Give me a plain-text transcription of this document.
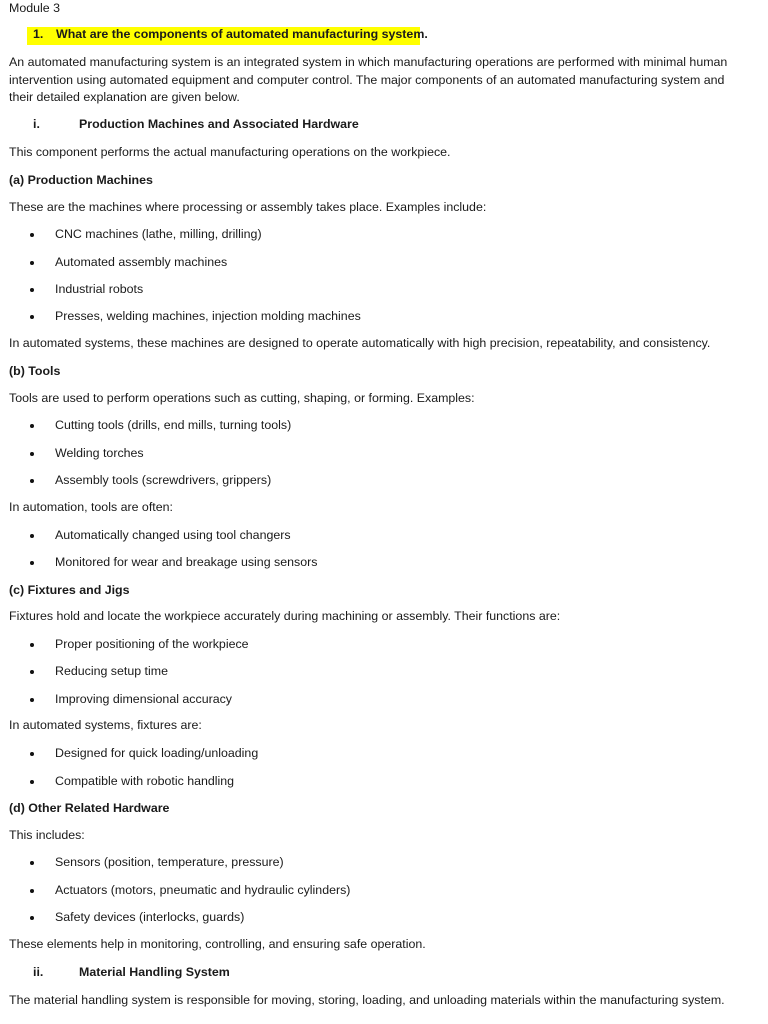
Module 3
1. What are the components of automated manufacturing system.
An automated manufacturing system is an integrated system in which manufacturing operations are performed with minimal human intervention using automated equipment and computer control. The major components of an automated manufacturing system and their detailed explanation are given below.
i.	Production Machines and Associated Hardware
This component performs the actual manufacturing operations on the workpiece.
(a) Production Machines
These are the machines where processing or assembly takes place. Examples include:
CNC machines (lathe, milling, drilling)
Automated assembly machines
Industrial robots
Presses, welding machines, injection molding machines
In automated systems, these machines are designed to operate automatically with high precision, repeatability, and consistency.
(b) Tools
Tools are used to perform operations such as cutting, shaping, or forming. Examples:
Cutting tools (drills, end mills, turning tools)
Welding torches
Assembly tools (screwdrivers, grippers)
In automation, tools are often:
Automatically changed using tool changers
Monitored for wear and breakage using sensors
(c) Fixtures and Jigs
Fixtures hold and locate the workpiece accurately during machining or assembly. Their functions are:
Proper positioning of the workpiece
Reducing setup time
Improving dimensional accuracy
In automated systems, fixtures are:
Designed for quick loading/unloading
Compatible with robotic handling
(d) Other Related Hardware
This includes:
Sensors (position, temperature, pressure)
Actuators (motors, pneumatic and hydraulic cylinders)
Safety devices (interlocks, guards)
These elements help in monitoring, controlling, and ensuring safe operation.
ii.	Material Handling System
The material handling system is responsible for moving, storing, loading, and unloading materials within the manufacturing system.
